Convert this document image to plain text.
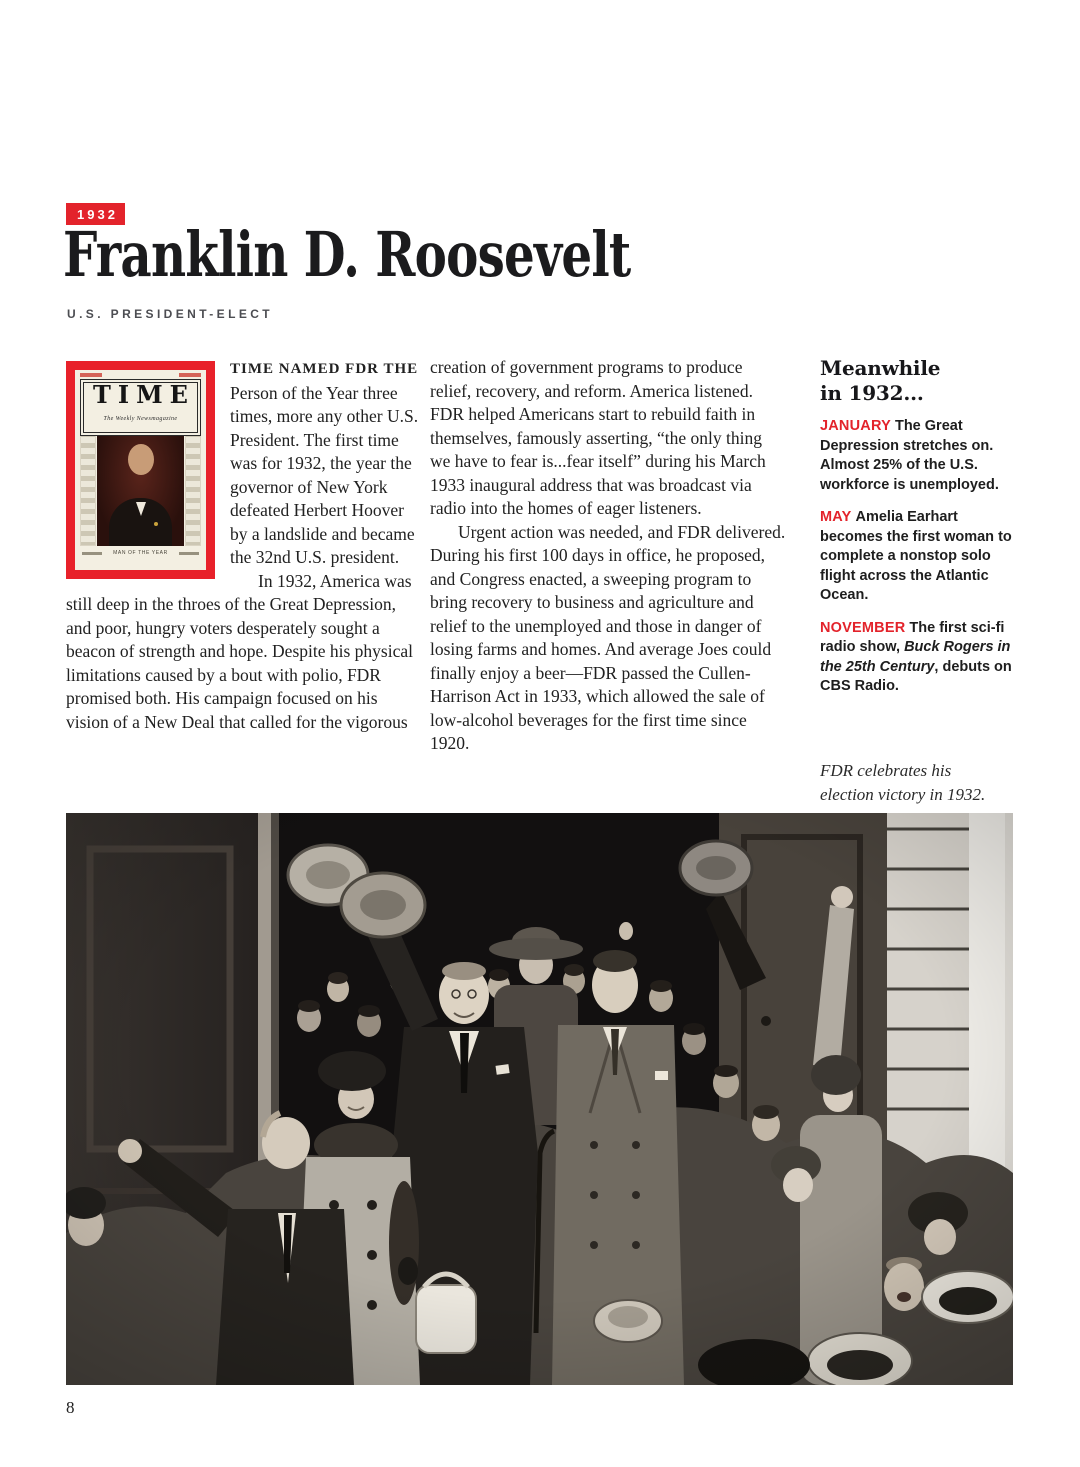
1932
Franklin D. Roosevelt
U.S. PRESIDENT-ELECT
TIME
The Weekly Newsmagazine
MAN OF THE YEAR

TIME NAMED FDR THE Person of the Year three times, more any other U.S. President. The first time was for 1932, the year the governor of New York defeated Herbert Hoover by a landslide and became the 32nd U.S. president.

In 1932, America was still deep in the throes of the Great Depression, and poor, hungry voters desperately sought a beacon of strength and hope. Despite his physical limitations caused by a bout with polio, FDR promised both. His campaign focused on his vision of a New Deal that called for the vigorous

creation of government programs to produce relief, recovery, and reform. America listened. FDR helped Americans start to rebuild faith in themselves, famously asserting, “the only thing we have to fear is...fear itself” during his March 1933 inaugural address that was broadcast via radio into the homes of eager listeners.

Urgent action was needed, and FDR delivered. During his first 100 days in office, he proposed, and Congress enacted, a sweeping program to bring recovery to business and agriculture and relief to the unemployed and those in danger of losing farms and homes. And average Joes could finally enjoy a beer—FDR passed the Cullen-Harrison Act in 1933, which allowed the sale of low-alcohol beverages for the first time since 1920.

Meanwhile
in 1932...

JANUARY The Great Depression stretches on. Almost 25% of the U.S. workforce is unemployed.

MAY Amelia Earhart becomes the first woman to complete a nonstop solo flight across the Atlantic Ocean.

NOVEMBER The first sci-fi radio show, Buck Rogers in the 25th Century, debuts on CBS Radio.

FDR celebrates his election victory in 1932.
8
